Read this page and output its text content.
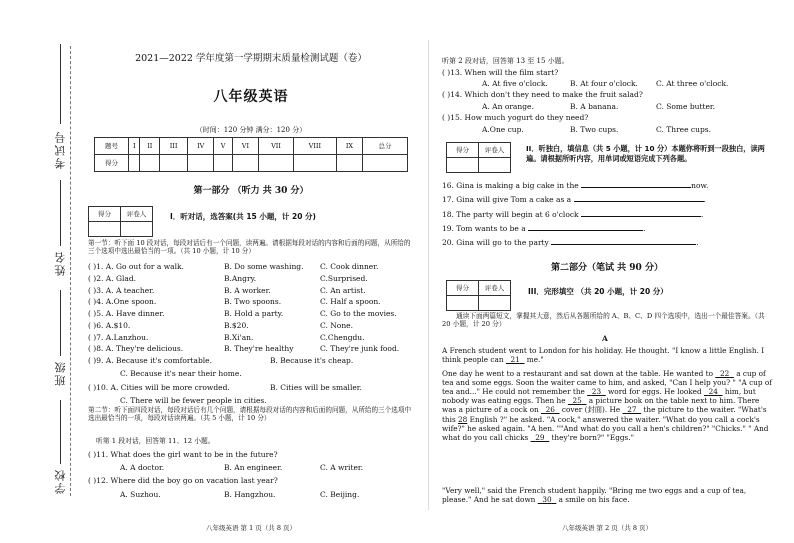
考试号
姓名
班级
学校
2021—2022 学年度第一学期期末质量检测试题（卷）
八年级英语
（时间：120 分钟 满分：120 分）
题号	I	II	III	IV	V	VI	VII	VIII	IX	总分
得分										
第一部分 （听力 共 30 分）
得分	评卷人
		I．听对话，选答案(共 15 小题，计 20 分)
第一节：听下面 10 段对话，每段对话后有一个问题，读两遍。请根据每段对话的内容和后面的问题，从所给的三个选项中选出最恰当的一项。（共 10 小题，计 10 分）
( )1. A. Go out for a walk.	B. Do some washing. C. Cook dinner.
( )2. A. Glad.	B.Angry.	C.Surprised.
( )3. A. A teacher.	B. A worker.	C. An artist.
( )4. A.One spoon.	B. Two spoons.	C. Half a spoon.
( )5. A. Have dinner.	B. Hold a party.	C. Go to the movies.
( )6. A.$10.	B.$20.	C. None.
( )7. A.Lanzhou.	B.Xi'an.	C.Chengdu.
( )8. A. They're delicious.	B. They're healthy	C. They're junk food.
( )9. A. Because it's comfortable.	B. Because it's cheap.
C. Because it's near their home.
( )10. A. Cities will be more crowded.	B. Cities will be smaller.
C. There will be fewer people in cities.
第二节：听下面四段对话，每段对话后有几个问题，请根据每段对话的内容和后面的问题，从所给的三个选项中选出最恰当的一项，每段对话读两遍。（共 5 小题，计 10 分）
听第 1 段对话，回答第 11、12 小题。
( )11. What does the girl want to be in the future?
A. A doctor.	B. An engineer.	C. A writer.
( )12. Where did the boy go on vacation last year?
A. Suzhou.	B. Hangzhou.	C. Beijing.
八年级英语 第 1 页（共 8 页）
听第 2 段对话，回答第 13 至 15 小题。
( )13. When will the film start?
A. At five o'clock.	B. At four o'clock. C. At three o'clock.
( )14. Which don't they need to make the fruit salad?
A. An orange.	B. A banana.	C. Some butter.
( )15. How much yogurt do they need?
A.One cup.	B. Two cups.	C. Three cups.
得分	评卷人
		II．听独白，填信息（共 5 小题，计 10 分）本题你将听到一段独白，读两遍。请根据所听内容，用单词或短语完成下列各题。
16. Gina is making a big cake in the	now.
17. Gina will give Tom a cake as a	.
18. The party will begin at 6 o'clock	.
19. Tom wants to be a	.
20. Gina will go to the party	.
第二部分（笔试 共 90 分）
得分	评卷人
		III．完形填空 （共 20 小题，计 20 分）
通读下面两篇短文，掌握其大意，然后从各题所给的 A、B、C、D 四个选项中，选出一个最佳答案。（共 20 小题，计 20 分）
A
A French student went to London for his holiday. He thought. "I know a little English. I think people can   21   me."
One day he went to a restaurant and sat down at the table. He wanted to   22   a cup of tea and some eggs. Soon the waiter came to him, and asked, "Can I help you? " "A cup of tea and..." He could not remember the   23   word for eggs. He looked   24   him, but nobody was eating eggs. Then he   25   a picture book on the table next to him. There was a picture of a cock on   26   cover (封面). He   27   the picture to the waiter. "What's this 28 English ?" he asked. "A cock," answered the waiter. "What do you call a cock's wife?" he asked again. "A hen. ""And what do you call a hen's children?" "Chicks." " And what do you call chicks   29   they're born?" "Eggs."
"Very well," said the French student happily. "Bring me two eggs and a cup of tea, please." And he sat down   30   a smile on his face.
八年级英语 第 2 页（共 8 页）
